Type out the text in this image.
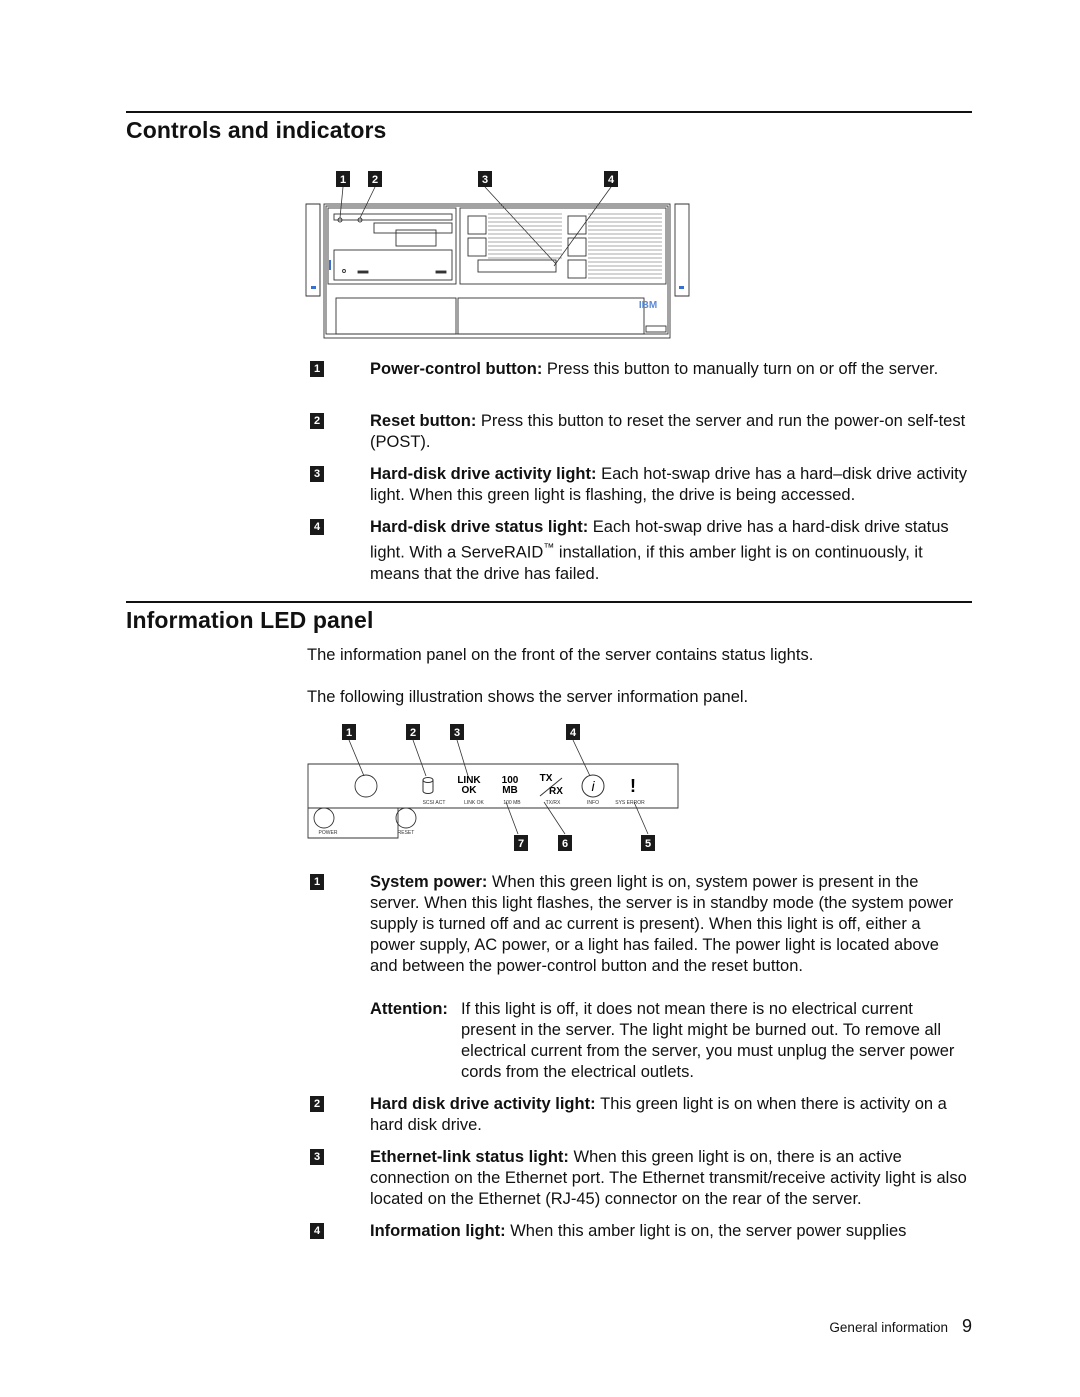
Controls and indicators
1 2	3	4
IBM
1	Power-control button: Press this button to manually turn on or off the server.
2	Reset button: Press this button to reset the server and run the power-on self-test (POST).
3	Hard-disk drive activity light: Each hot-swap drive has a hard–disk drive activity light. When this green light is flashing, the drive is being accessed.
4	Hard-disk drive status light: Each hot-swap drive has a hard-disk drive status light. With a ServeRAID™ installation, if this amber light is on continuously, it means that the drive has failed.
Information LED panel
The information panel on the front of the server contains status lights.
The following illustration shows the server information panel.
1	2	3	4
LINK
OK
100
MB
TX
RX i !
SCSI ACT	LINK OK	100 MB	TX/RX	INFO	SYS ERROR
POWER	RESET
7	6	5
1	System power: When this green light is on, system power is present in the server. When this light flashes, the server is in standby mode (the system power supply is turned off and ac current is present). When this light is off, either a power supply, AC power, or a light has failed. The power light is located above and between the power-control button and the reset button.
Attention: If this light is off, it does not mean there is no electrical current present in the server. The light might be burned out. To remove all electrical current from the server, you must unplug the server power cords from the electrical outlets.
2	Hard disk drive activity light: This green light is on when there is activity on a hard disk drive.
3	Ethernet-link status light: When this green light is on, there is an active connection on the Ethernet port. The Ethernet transmit/receive activity light is also located on the Ethernet (RJ-45) connector on the rear of the server.
4	Information light: When this amber light is on, the server power supplies
General information 9
